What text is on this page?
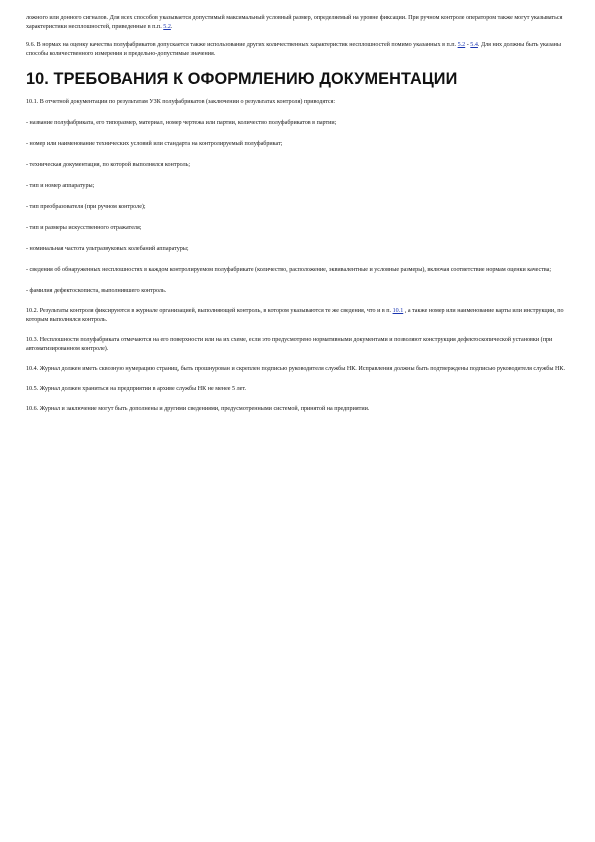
ложного или донного сигналов. Для всех способов указывается допустимый максимальный условный размер, определяемый на уровне фиксации. При ручном контроле оператором также могут указываться характеристики несплошностей, приведенные в п.п. 5.2.

9.6. В нормах на оценку качества полуфабрикатов допускается также использование других количественных характеристик несплошностей помимо указанных в п.п. 5.2 - 5.4. Для них должны быть указаны способы количественного измерения и предельно-допустимые значения.

10. ТРЕБОВАНИЯ К ОФОРМЛЕНИЮ ДОКУМЕНТАЦИИ

10.1. В отчетной документации по результатам УЗК полуфабрикатов (заключении о результатах контроля) приводятся:

- название полуфабриката, его типоразмер, материал, номер чертежа или партии, количество полуфабрикатов в партии;

- номер или наименование технических условий или стандарта на контролируемый полуфабрикат;

- техническая документация, по которой выполнялся контроль;

- тип и номер аппаратуры;

- тип преобразователя (при ручном контроле);

- тип и размеры искусственного отражателя;

- номинальная частота ультразвуковых колебаний аппаратуры;

- сведения об обнаруженных несплошностях в каждом контролируемом полуфабрикате (количество, расположение, эквивалентные и условные размеры), включая соответствие нормам оценки качества;

- фамилия дефектоскописта, выполнившего контроль.

10.2. Результаты контроля фиксируются в журнале организацией, выполняющей контроль, в котором указываются те же сведения, что и в п. 10.1 , а также номер или наименование карты или инструкции, по которым выполнялся контроль.

10.3. Несплошности полуфабриката отмечаются на его поверхности или на их схеме, если это предусмотрено нормативными документами и позволяют конструкция дефектоскопической установки (при автоматизированном контроле).

10.4. Журнал должен иметь сквозную нумерацию страниц, быть прошнурован и скреплен подписью руководителя службы НК. Исправления должны быть подтверждены подписью руководителя службы НК.

10.5. Журнал должен храниться на предприятии в архиве службы НК не менее 5 лет.

10.6. Журнал и заключение могут быть дополнены и другими сведениями, предусмотренными системой, принятой на предприятии.
